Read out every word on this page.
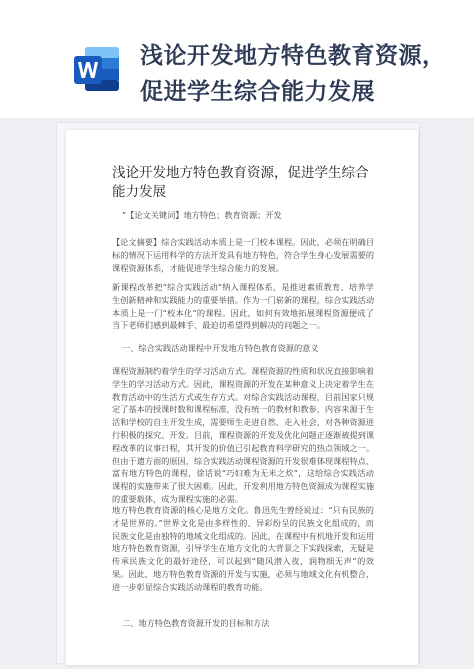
浅论开发地方特色教育资源，促进学生综合能力发展
浅论开发地方特色教育资源，促进学生综合能力发展
”【论文关键词】地方特色；教育资源；开发
【论文摘要】综合实践活动本质上是一门校本课程。因此，必须在明确目标的情况下运用科学的方法开发具有地方特色，符合学生身心发展需要的课程资源体系，才能促进学生综合能力的发展。
新课程改革把“综合实践活动”纳入课程体系，是推进素质教育、培养学生创新精神和实践能力的重要举措。作为一门崭新的课程，综合实践活动本质上是一门“校本化”的课程。因此，如何有效地拓展课程资源便成了当下老师们感到最棘手、最迫切希望得到解决的问题之一。
一、综合实践活动课程中开发地方特色教育资源的意义
课程资源制约着学生的学习活动方式。课程资源的性质和状况直接影响着学生的学习活动方式。因此，课程资源的开发在某种意义上决定着学生在教育活动中的生活方式或生存方式。对综合实践活动课程，目前国家只规定了基本的授课时数和课程标准，没有统一的教材和教参，内容来源于生活和学校的自主开发生成，需要师生走进自然、走入社会，对各种资源进行积极的探究、开发。目前，课程资源的开发及优化问题正逐渐被提到课程改革的议事日程，其开发的价值已引起教育科学研究的热点领域之一。但由于遗方面的原因，综合实践活动课程资源的开发很难体现课程特点、富有地方特色的课程，徐话说“巧妇难为无米之炊”，这给综合实践活动课程的实施带来了很大困难。因此，开发利用地方特色资源成为课程实施的重要载体，成为课程实施的必需。
地方特色教育资源的核心是地方文化。鲁迅先生曾经说过：“只有民族的才是世界的。”世界文化是由多样性的、异彩纷呈的民族文化组成的，而民族文化是由独特的地域文化组成的。因此，在课程中有机地开发和运用地方特色教育资源，引导学生在地方文化的大背景之下实践探索，无疑是传承民族文化的最好途径，可以起到“随风潜入夜，润物细无声”的效果。因此，地方特色教育资源的开发与实施，必须与地域文化有机整合，进一步彰显综合实践活动课程的教育功能。
二、地方特色教育资源开发的目标和方法
